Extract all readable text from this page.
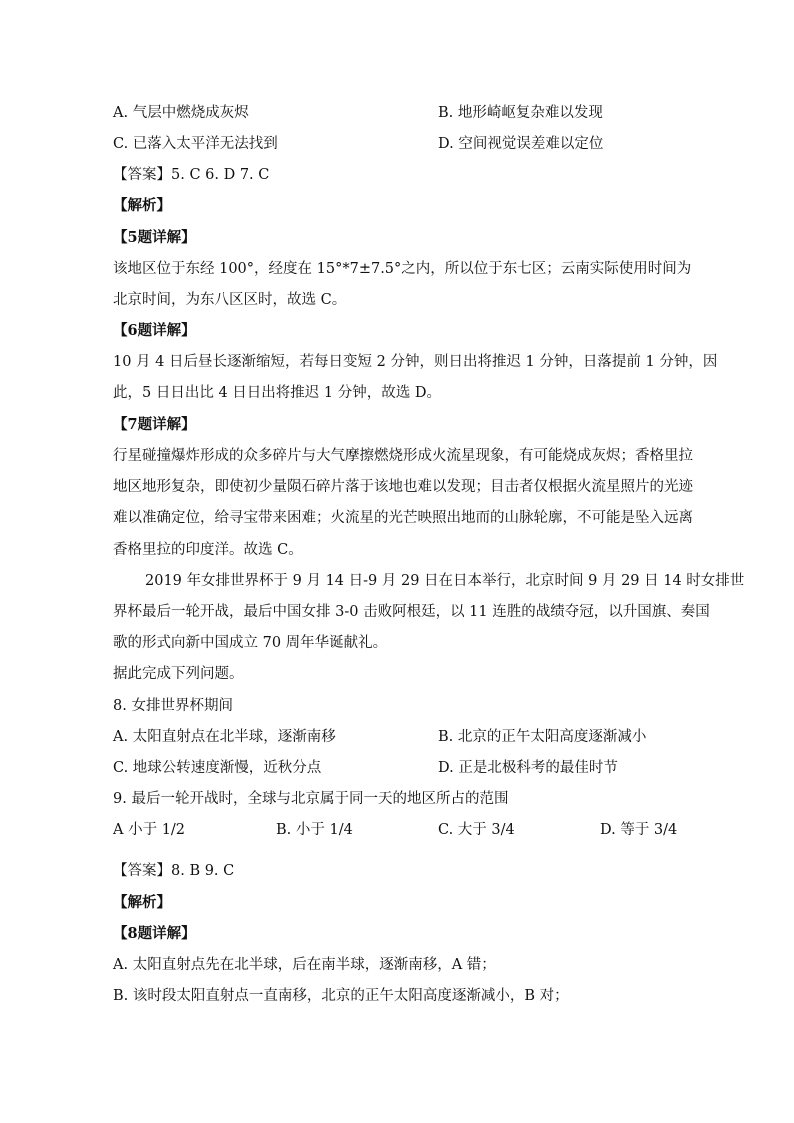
A. 气层中燃烧成灰烬	B. 地形崎岖复杂难以发现
C. 已落入太平洋无法找到	D. 空间视觉误差难以定位
【答案】5. C 6. D 7. C
【解析】
【5题详解】
该地区位于东经 100°，经度在 15°*7±7.5°之内，所以位于东七区；云南实际使用时间为
北京时间，为东八区区时，故选 C。
【6题详解】
10 月 4 日后昼长逐渐缩短，若每日变短 2 分钟，则日出将推迟 1 分钟，日落提前 1 分钟，因
此，5 日日出比 4 日日出将推迟 1 分钟，故选 D。
【7题详解】
行星碰撞爆炸形成的众多碎片与大气摩擦燃烧形成火流星现象，有可能烧成灰烬；香格里拉
地区地形复杂，即使初少量陨石碎片落于该地也难以发现；目击者仅根据火流星照片的光迹
难以准确定位，给寻宝带来困难；火流星的光芒映照出地而的山脉轮廓，不可能是坠入远离
香格里拉的印度洋。故选 C。
2019 年女排世界杯于 9 月 14 日-9 月 29 日在日本举行，北京时间 9 月 29 日 14 时女排世
界杯最后一轮开战，最后中国女排 3-0 击败阿根廷，以 11 连胜的战绩夺冠，以升国旗、奏国
歌的形式向新中国成立 70 周年华诞献礼。
据此完成下列问题。
8. 女排世界杯期间
A. 太阳直射点在北半球，逐渐南移	B. 北京的正午太阳高度逐渐减小
C. 地球公转速度渐慢，近秋分点	D. 正是北极科考的最佳时节
9. 最后一轮开战时，全球与北京属于同一天的地区所占的范围
A 小于 1/2	B. 小于 1/4	C. 大于 3/4	D. 等于 3/4
【答案】8. B 9. C
【解析】
【8题详解】
A. 太阳直射点先在北半球，后在南半球，逐渐南移，A 错；
B. 该时段太阳直射点一直南移，北京的正午太阳高度逐渐减小，B 对；
